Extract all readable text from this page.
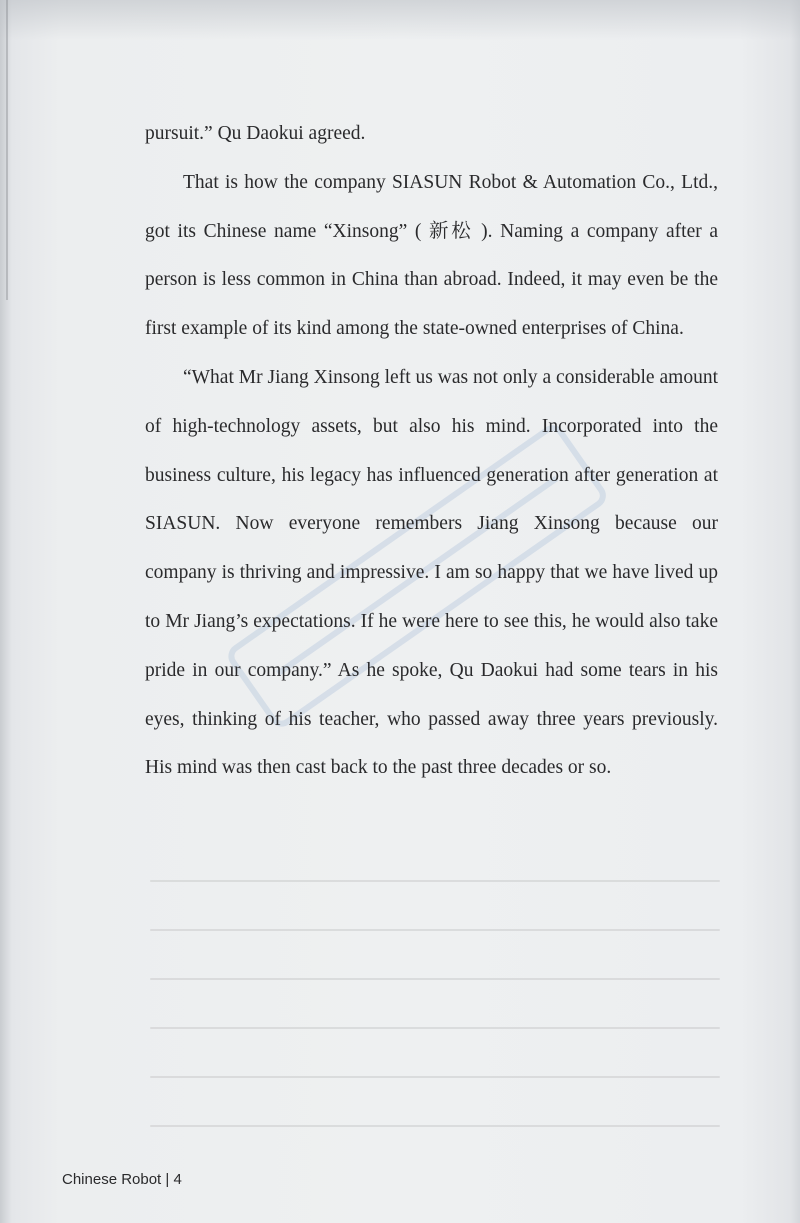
pursuit.” Qu Daokui agreed.

That is how the company SIASUN Robot & Automation Co., Ltd., got its Chinese name “Xinsong” ( 新松 ). Naming a company after a person is less common in China than abroad. Indeed, it may even be the first example of its kind among the state-owned enterprises of China.

“What Mr Jiang Xinsong left us was not only a considerable amount of high-technology assets, but also his mind. Incorporated into the business culture, his legacy has influenced generation after generation at SIASUN. Now everyone remembers Jiang Xinsong because our company is thriving and impressive. I am so happy that we have lived up to Mr Jiang’s expectations. If he were here to see this, he would also take pride in our company.” As he spoke, Qu Daokui had some tears in his eyes, thinking of his teacher, who passed away three years previously. His mind was then cast back to the past three decades or so.

Chinese Robot | 4
